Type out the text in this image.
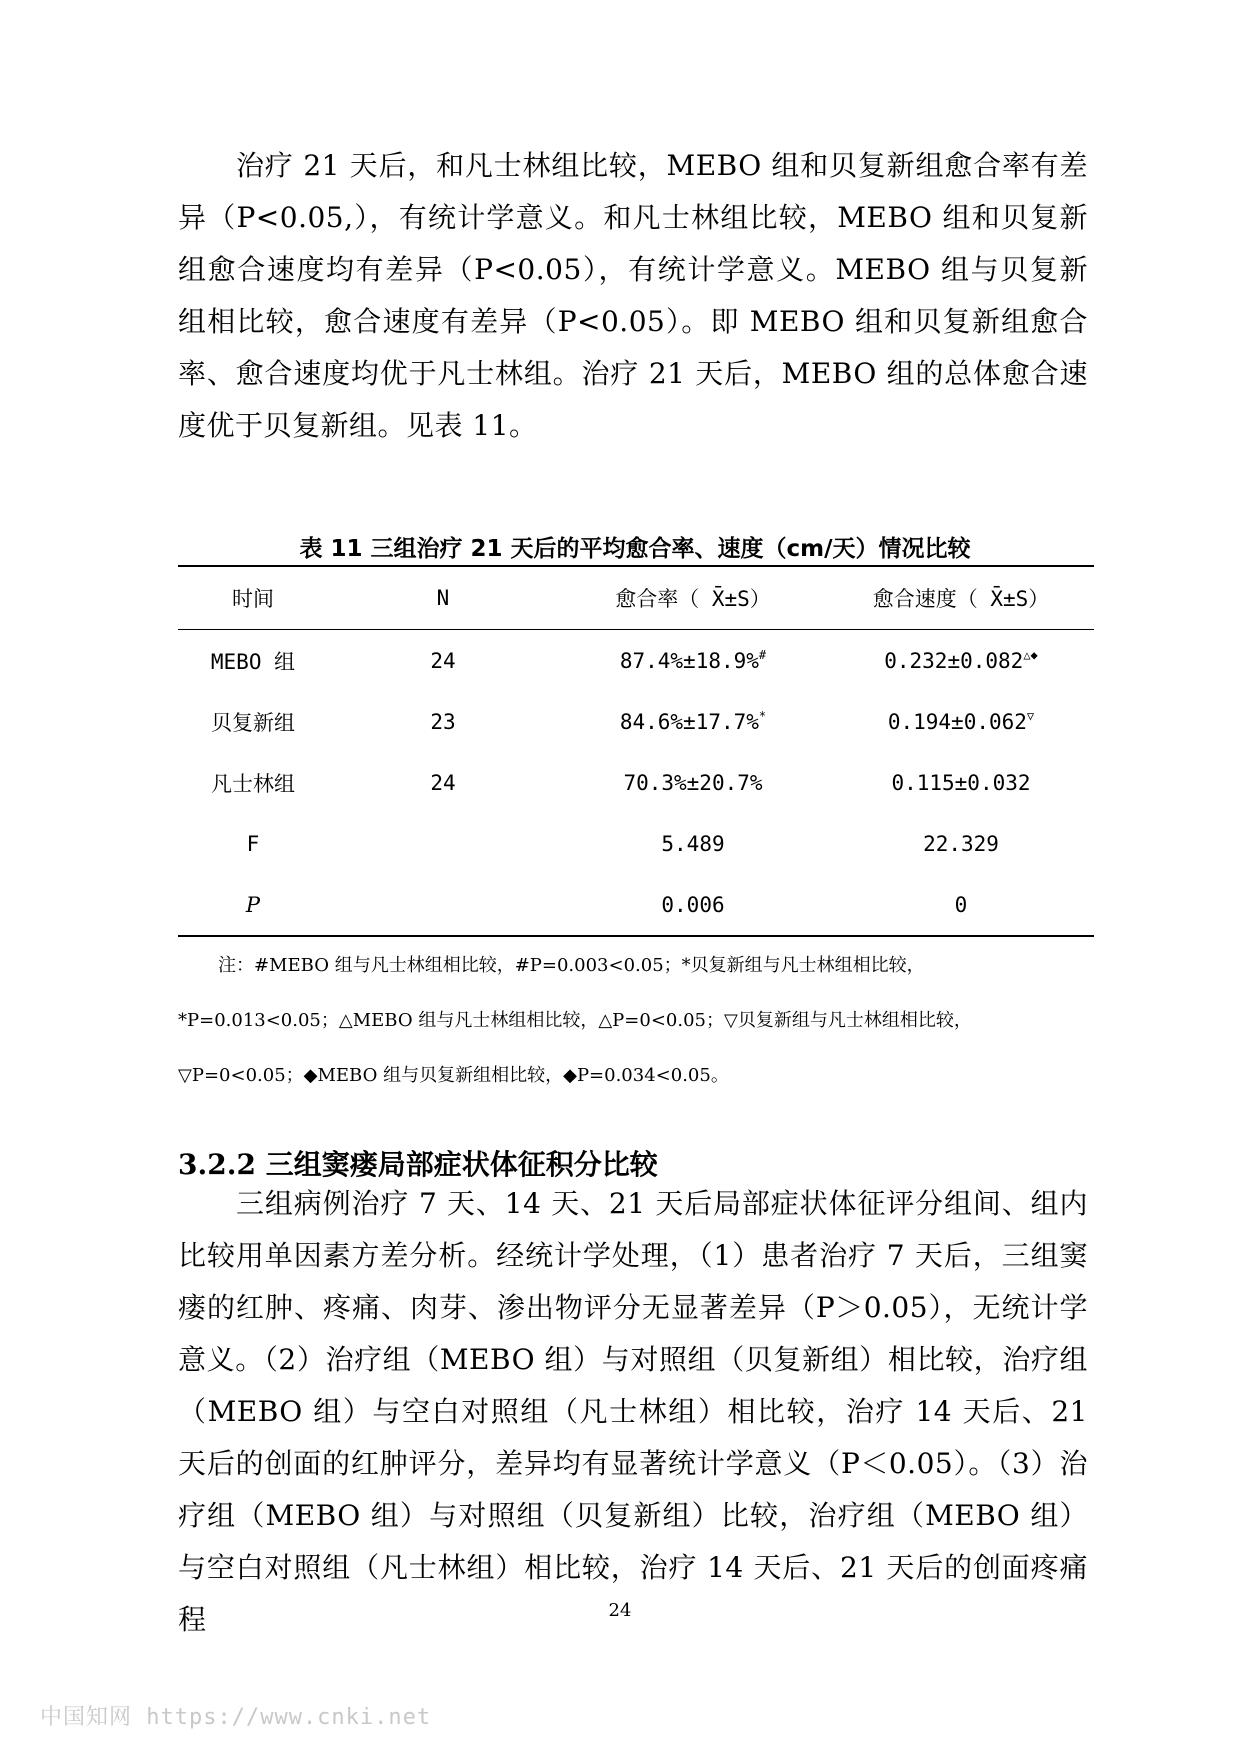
治疗 21 天后，和凡士林组比较，MEBO 组和贝复新组愈合率有差异（P<0.05,），有统计学意义。和凡士林组比较，MEBO 组和贝复新组愈合速度均有差异（P<0.05），有统计学意义。MEBO 组与贝复新组相比较，愈合速度有差异（P<0.05）。即 MEBO 组和贝复新组愈合率、愈合速度均优于凡士林组。治疗 21 天后，MEBO 组的总体愈合速度优于贝复新组。见表 11。

表 11 三组治疗 21 天后的平均愈合率、速度（cm/天）情况比较
时间	N	愈合率（ X̄±S）	愈合速度（ X̄±S）
MEBO 组	24	87.4%±18.9%#	0.232±0.082△◆
贝复新组	23	84.6%±17.7%*	0.194±0.062▽
凡士林组	24	70.3%±20.7%	0.115±0.032
F		5.489	22.329
P		0.006	0
注：#MEBO 组与凡士林组相比较，#P=0.003<0.05；*贝复新组与凡士林组相比较，
*P=0.013<0.05；△MEBO 组与凡士林组相比较，△P=0<0.05；▽贝复新组与凡士林组相比较，
▽P=0<0.05；◆MEBO 组与贝复新组相比较，◆P=0.034<0.05。
3.2.2 三组窦瘘局部症状体征积分比较

三组病例治疗 7 天、14 天、21 天后局部症状体征评分组间、组内比较用单因素方差分析。经统计学处理，（1）患者治疗 7 天后，三组窦瘘的红肿、疼痛、肉芽、渗出物评分无显著差异（P＞0.05），无统计学意义。（2）治疗组（MEBO 组）与对照组（贝复新组）相比较，治疗组（MEBO 组）与空白对照组（凡士林组）相比较，治疗 14 天后、21 天后的创面的红肿评分，差异均有显著统计学意义（P＜0.05）。（3）治疗组（MEBO 组）与对照组（贝复新组）比较，治疗组（MEBO 组）与空白对照组（凡士林组）相比较，治疗 14 天后、21 天后的创面疼痛程	24
中国知网 https://www.cnki.net
